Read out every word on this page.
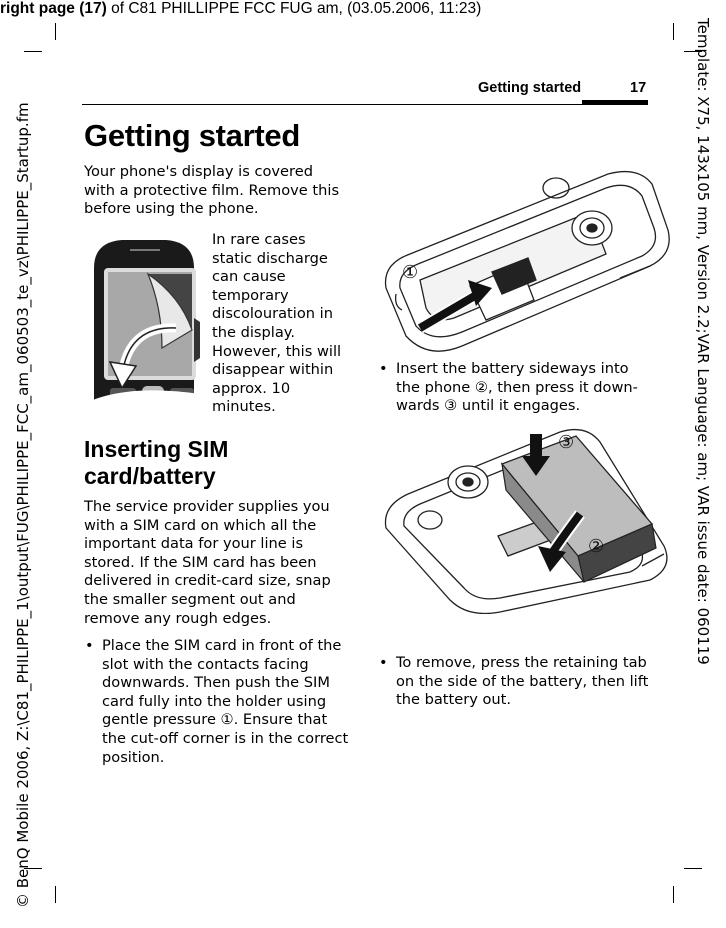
right page (17) of C81 PHILLIPPE FCC FUG am, (03.05.2006, 11:23)
Getting started	17	Template: X75, 143x105 mm, Version 2.2;VAR Language: am; VAR issue date: 060119
© BenQ Mobile 2006, Z:\C81_PHILIPPE_1\output\FUG\PHILIPPE_FCC_am_060503_te_vz\PHILIPPE_Startup.fm Getting started
Your phone's display is covered with a protective film. Remove this before using the phone.
In rare cases static discharge can cause temporary discolouration in the display. However, this will disappear within approx. 10 minutes.
Inserting SIM card/battery
The service provider supplies you with a SIM card on which all the important data for your line is stored. If the SIM card has been delivered in credit-card size, snap the smaller segment out and remove any rough edges.
• Place the SIM card in front of the slot with the contacts facing downwards. Then push the SIM card fully into the holder using gentle pressure ①. Ensure that the cut-off corner is in the correct position.
①
• Insert the battery sideways into the phone ②, then press it down-wards ③ until it engages.
③
②
• To remove, press the retaining tab on the side of the battery, then lift the battery out.
